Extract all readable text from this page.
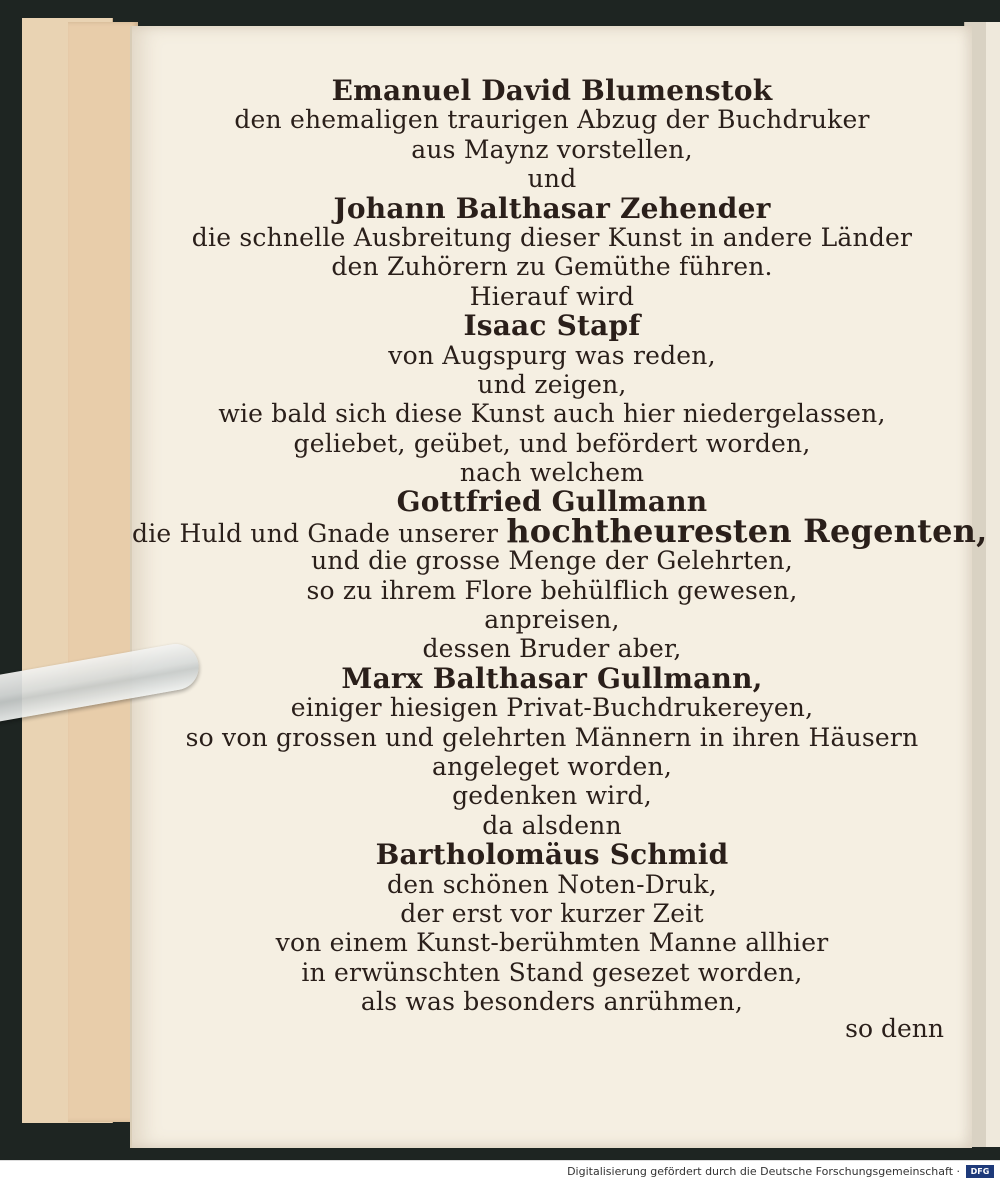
Emanuel David Blumenstok
den ehemaligen traurigen Abzug der Buchdruker
aus Maynz vorstellen,
und
Johann Balthasar Zehender
die schnelle Ausbreitung dieser Kunst in andere Länder
den Zuhörern zu Gemüthe führen.
Hierauf wird
Isaac Stapf
von Augspurg was reden,
und zeigen,
wie bald sich diese Kunst auch hier niedergelassen,
geliebet, geübet, und befördert worden,
nach welchem
Gottfried Gullmann
die Huld und Gnade unserer hochtheuresten Regenten,
und die grosse Menge der Gelehrten,
so zu ihrem Flore behülflich gewesen,
anpreisen,
dessen Bruder aber,
Marx Balthasar Gullmann,
einiger hiesigen Privat-Buchdrukereyen,
so von grossen und gelehrten Männern in ihren Häusern
angeleget worden,
gedenken wird,
da alsdenn
Bartholomäus Schmid
den schönen Noten-Druk,
der erst vor kurzer Zeit
von einem Kunst-berühmten Manne allhier
in erwünschten Stand gesezet worden,
als was besonders anrühmen,
so denn
Digitalisierung gefördert durch die Deutsche Forschungsgemeinschaft ·	DFG
